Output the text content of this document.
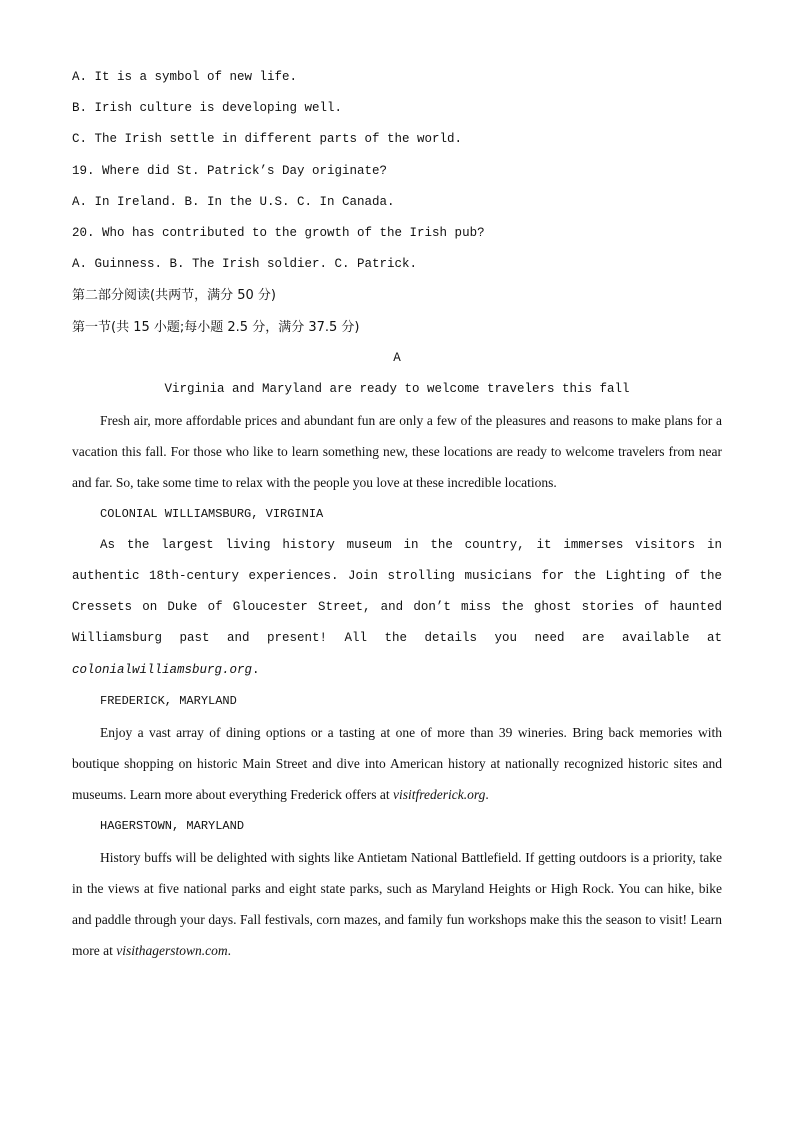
A. It is a symbol of new life.
B. Irish culture is developing well.
C. The Irish settle in different parts of the world.
19. Where did St. Patrick’s Day originate?
A. In Ireland. B. In the U.S. C. In Canada.
20. Who has contributed to the growth of the Irish pub?
A. Guinness. B. The Irish soldier. C. Patrick.
第二部分阅读(共两节，满分 50 分)
第一节(共 15 小题;每小题 2.5 分，满分 37.5 分)
A
Virginia and Maryland are ready to welcome travelers this fall

Fresh air, more affordable prices and abundant fun are only a few of the pleasures and reasons to make plans for a vacation this fall. For those who like to learn something new, these locations are ready to welcome travelers from near and far. So, take some time to relax with the people you love at these incredible locations.

COLONIAL WILLIAMSBURG, VIRGINIA

As the largest living history museum in the country, it immerses visitors in authentic 18th-century experiences. Join strolling musicians for the Lighting of the Cressets on Duke of Gloucester Street, and don’t miss the ghost stories of haunted Williamsburg past and present! All the details you need are available at colonialwilliamsburg.org.

FREDERICK, MARYLAND

Enjoy a vast array of dining options or a tasting at one of more than 39 wineries. Bring back memories with boutique shopping on historic Main Street and dive into American history at nationally recognized historic sites and museums. Learn more about everything Frederick offers at visitfrederick.org.

HAGERSTOWN, MARYLAND

History buffs will be delighted with sights like Antietam National Battlefield. If getting outdoors is a priority, take in the views at five national parks and eight state parks, such as Maryland Heights or High Rock. You can hike, bike and paddle through your days. Fall festivals, corn mazes, and family fun workshops make this the season to visit! Learn more at visithagerstown.com.
